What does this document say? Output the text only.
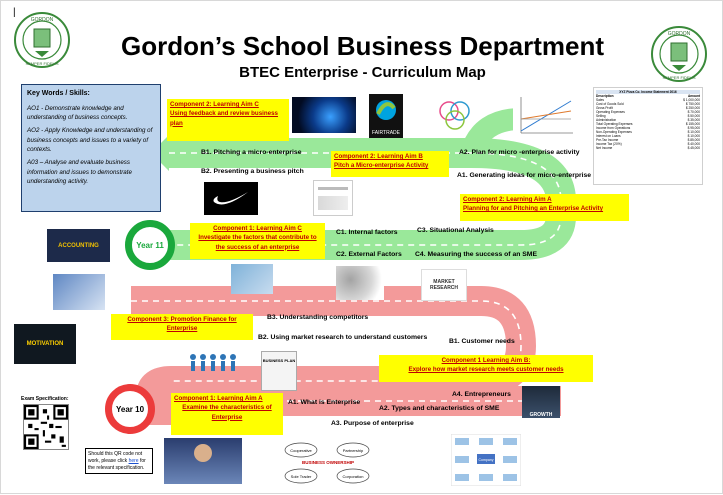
|
GORDON
SEMPER FIDELIS
GORDON
SEMPER FIDELIS
Gordon’s School Business Department
BTEC Enterprise - Curriculum Map
Key Words / Skills:

AO1 - Demonstrate knowledge and understanding of business concepts.

AO2 - Apply Knowledge and understanding of business concepts and issues to a variety of contexts.

A03 – Analyse and evaluate business information and issues to demonstrate understanding activity.

Year 11
Year 10
Component 2: Learning Aim C
Using feedback and review business plan
Component 2: Learning Aim B
Pitch a Micro-enterprise Activity
Component 2: Learning Aim A
Planning for and Pitching an Enterprise Activity
Component 1: Learning Aim C
Investigate the factors that contribute to the success of an enterprise
Component 3: Promotion Finance for Enterprise
Component 1 Learning Aim B:
Explore how market research meets customer needs
Component 1: Learning Aim A
Examine the characteristics of Enterprise
B1. Pitching a micro-enterprise
B2. Presenting a business pitch
A2. Plan for micro -enterprise activity
A1. Generating ideas for micro-enterprise
C1. Internal factors	C3. Situational Analysis
C2. External Factors C4. Measuring the success of an SME
B3. Understanding competitors
B2. Using market research to understand customers
B1. Customer needs
A4. Entrepreneurs
A1. What is Enterprise
A2. Types and characteristics of SME
A3. Purpose of enterprise
FAIRTRADE
XYZ Pizza Co. Income Statement 2016
Description	Amount
Sales	$ 1,000,000
Cost of Goods Sold	$ 750,000
Gross Profit	$ 250,000
Operating Expenses	$ 70,000
Selling	$ 50,000
Administration	$ 35,000
Total Operating Expenses	$ 155,000
Income from Operations	$ 95,000
Non-Operating Expenses	$ 10,000
Interest on Loans	$ 10,000
Pre-Tax Income	$ 85,000
Income Tax (20%)	$ 40,000
Net Income	$ 45,000
ACCOUNTING
MARKET RESEARCH
MOTIVATION
BUSINESS PLAN
GROWTH
Cooperative	Partnership
Sole Trader	Corporation
BUSINESS OWNERSHIP	Company
Exam Specification:
Should this QR code not work, please click here for the relevant specification.
